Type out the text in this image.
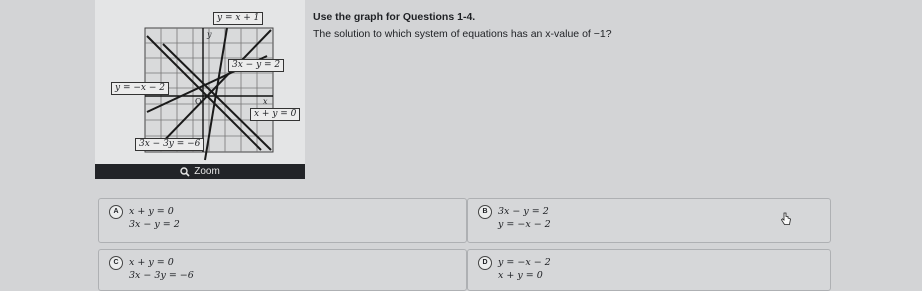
y = x + 1
3x − y = 2
y = −x − 2
x + y = 0
3x − 3y = −6
y
x
O
Zoom
Use the graph for Questions 1-4.
The solution to which system of equations has an x-value of −1?
A	x + y = 0
3x − y = 2
B	3x − y = 2
y = −x − 2
C	x + y = 0
3x − 3y = −6
D	y = −x − 2
x + y = 0
